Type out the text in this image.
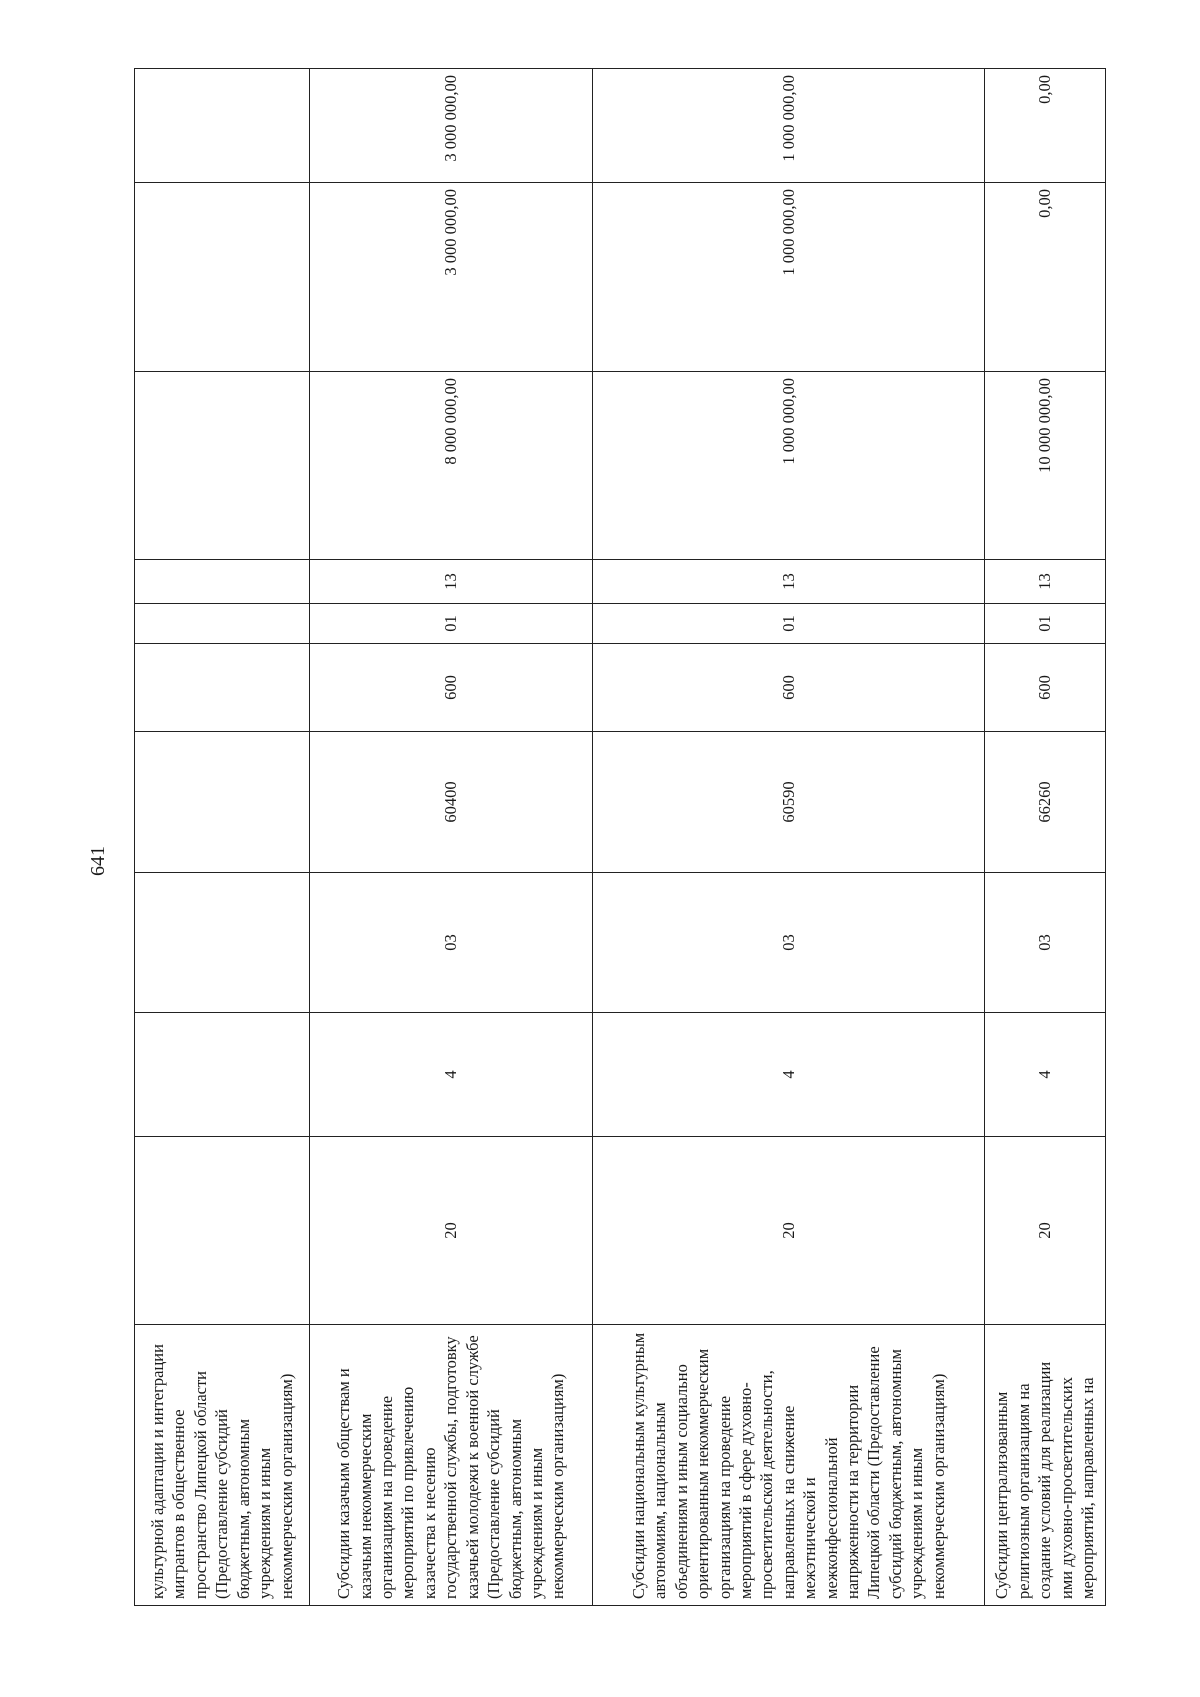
641
культурной адаптации и интеграции мигрантов в общественное пространство Липецкой области (Предоставление субсидий бюджетным, автономным учреждениям и иным некоммерческим организациям)										
Субсидии казачьим обществам и казачьим некоммерческим организациям на проведение мероприятий по привлечению казачества к несению государственной службы, подготовку казачьей молодежи к военной службе (Предоставление субсидий бюджетным, автономным учреждениям и иным некоммерческим организациям)	20	4	03	60400	600	01	13	8 000 000,00	3 000 000,00	3 000 000,00
Субсидии национальным культурным автономиям, национальным объединениям и иным социально ориентированным некоммерческим организациям на проведение мероприятий в сфере духовно-просветительской деятельности, направленных на снижение межэтнической и межконфессиональной напряженности на территории Липецкой области (Предоставление субсидий бюджетным, автономным учреждениям и иным некоммерческим организациям)	20	4	03	60590	600	01	13	1 000 000,00	1 000 000,00	1 000 000,00
Субсидии централизованным религиозным организациям на создание условий для реализации ими духовно-просветительских мероприятий, направленных на	20	4	03	66260	600	01	13	10 000 000,00	0,00	0,00
